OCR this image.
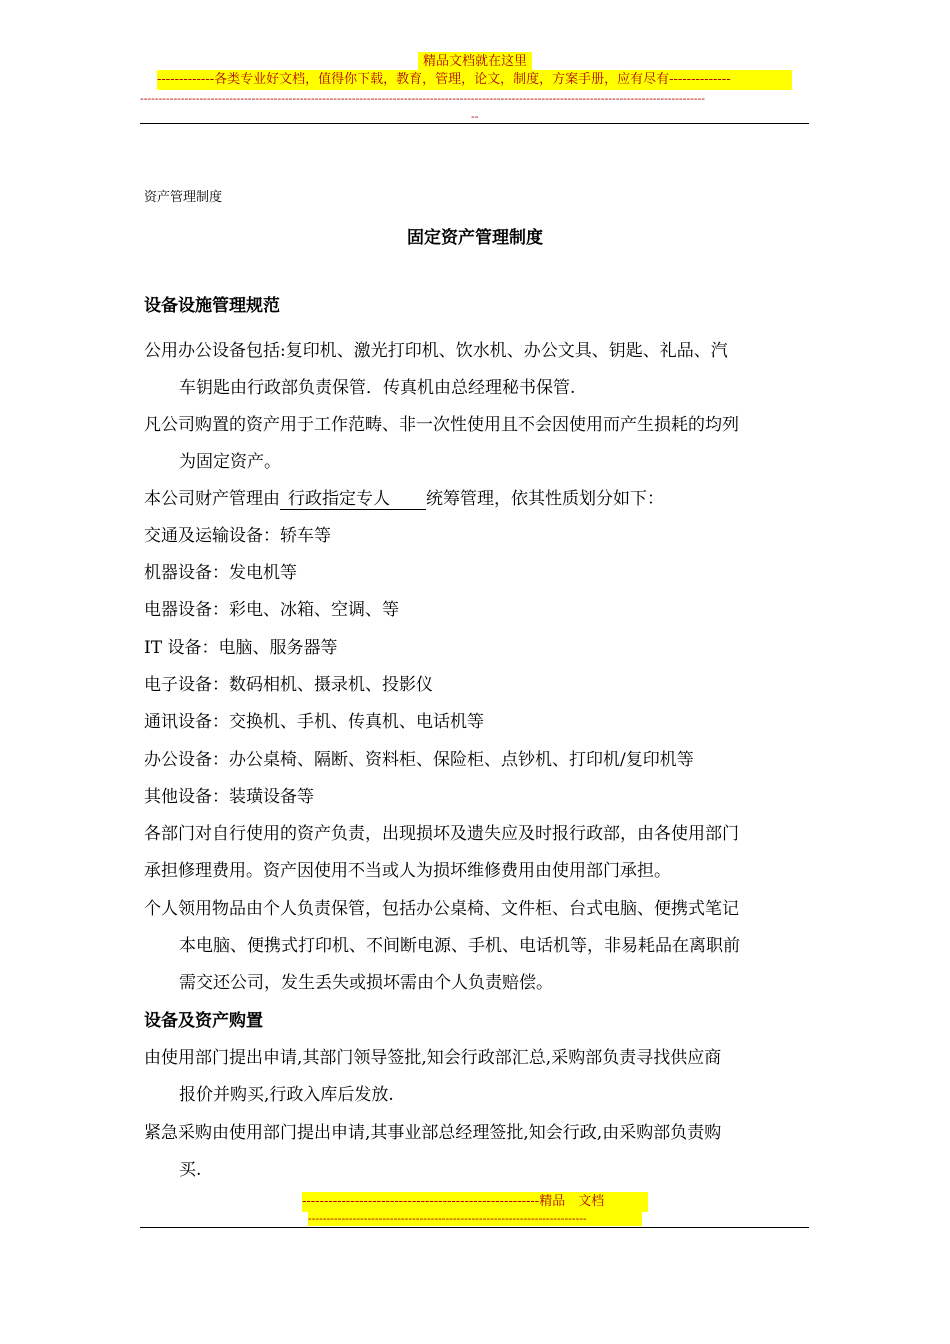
精品文档就在这里
-------------各类专业好文档，值得你下载，教育，管理，论文，制度，方案手册，应有尽有--------------
--------------------------------------------------------------------------------------------------------------------------------------------------------
--
资产管理制度
固定资产管理制度
设备设施管理规范
公用办公设备包括:复印机、激光打印机、饮水机、办公文具、钥匙、礼品、汽
车钥匙由行政部负责保管．传真机由总经理秘书保管.
凡公司购置的资产用于工作范畴、非一次性使用且不会因使用而产生损耗的均列
为固定资产。
本公司财产管理由 行政指定专人 统筹管理，依其性质划分如下：
交通及运输设备：轿车等
机器设备：发电机等
电器设备：彩电、冰箱、空调、等
IT 设备：电脑、服务器等
电子设备：数码相机、摄录机、投影仪
通讯设备：交换机、手机、传真机、电话机等
办公设备：办公桌椅、隔断、资料柜、保险柜、点钞机、打印机/复印机等
其他设备：装璜设备等
各部门对自行使用的资产负责，出现损坏及遗失应及时报行政部，由各使用部门
承担修理费用。资产因使用不当或人为损坏维修费用由使用部门承担。
个人领用物品由个人负责保管，包括办公桌椅、文件柜、台式电脑、便携式笔记
本电脑、便携式打印机、不间断电源、手机、电话机等，非易耗品在离职前
需交还公司，发生丢失或损坏需由个人负责赔偿。
设备及资产购置
由使用部门提出申请,其部门领导签批,知会行政部汇总,采购部负责寻找供应商
报价并购买,行政入库后发放.
紧急采购由使用部门提出申请,其事业部总经理签批,知会行政,由采购部负责购
买.
------------------------------------------------------精品　文档
---------------------------------------------------------------------------
